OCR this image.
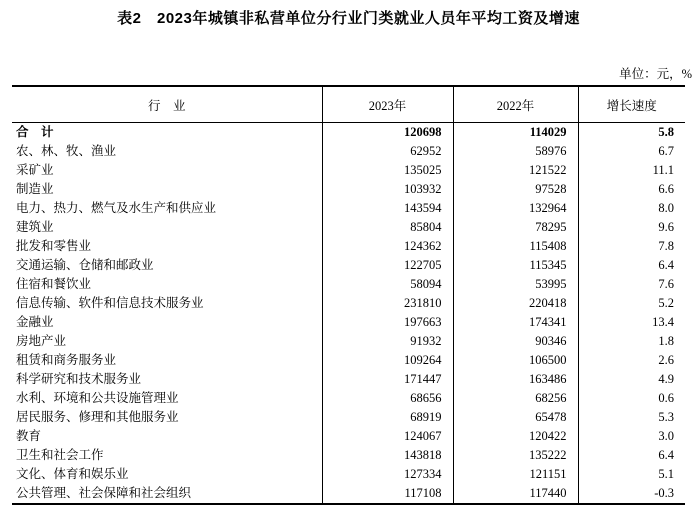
表2　2023年城镇非私营单位分行业门类就业人员年平均工资及增速
单位：元，%
行　业	2023年	2022年	增长速度
合　计	120698	114029	5.8
农、林、牧、渔业	62952	58976	6.7
采矿业	135025	121522	11.1
制造业	103932	97528	6.6
电力、热力、燃气及水生产和供应业	143594	132964	8.0
建筑业	85804	78295	9.6
批发和零售业	124362	115408	7.8
交通运输、仓储和邮政业	122705	115345	6.4
住宿和餐饮业	58094	53995	7.6
信息传输、软件和信息技术服务业	231810	220418	5.2
金融业	197663	174341	13.4
房地产业	91932	90346	1.8
租赁和商务服务业	109264	106500	2.6
科学研究和技术服务业	171447	163486	4.9
水利、环境和公共设施管理业	68656	68256	0.6
居民服务、修理和其他服务业	68919	65478	5.3
教育	124067	120422	3.0
卫生和社会工作	143818	135222	6.4
文化、体育和娱乐业	127334	121151	5.1
公共管理、社会保障和社会组织	117108	117440	-0.3
